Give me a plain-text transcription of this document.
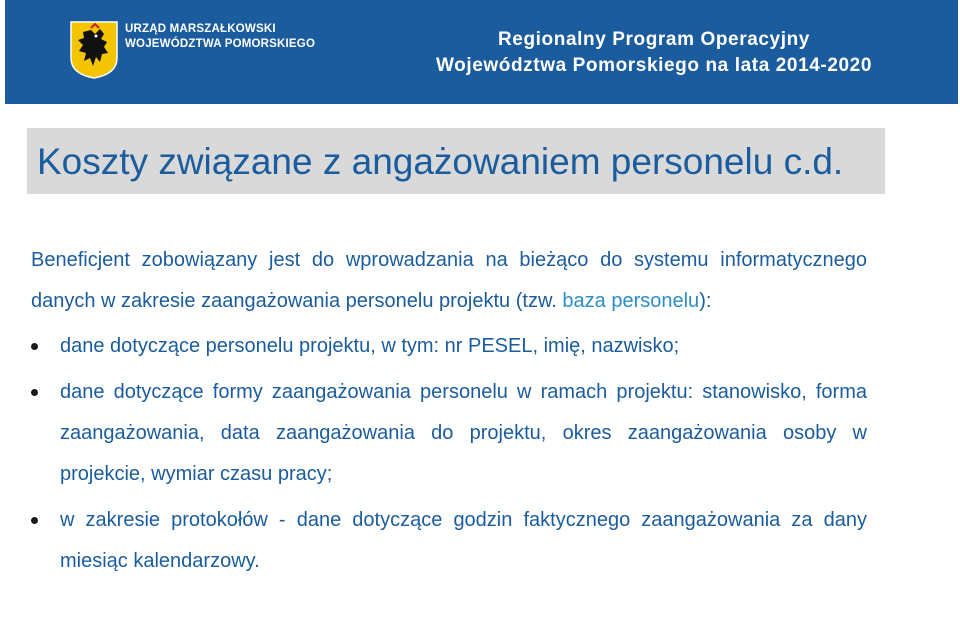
URZĄD MARSZAŁKOWSKI
WOJEWÓDZTWA POMORSKIEGO	Regionalny Program Operacyjny
Województwa Pomorskiego na lata 2014-2020
Koszty związane z angażowaniem personelu c.d.

Beneficjent zobowiązany jest do wprowadzania na bieżąco do systemu informatycznego danych w zakresie zaangażowania personelu projektu (tzw. baza personelu):

dane dotyczące personelu projektu, w tym: nr PESEL, imię, nazwisko;
dane dotyczące formy zaangażowania personelu w ramach projektu: stanowisko, forma zaangażowania, data zaangażowania do projektu, okres zaangażowania osoby w projekcie, wymiar czasu pracy;
w zakresie protokołów - dane dotyczące godzin faktycznego zaangażowania za dany miesiąc kalendarzowy.
